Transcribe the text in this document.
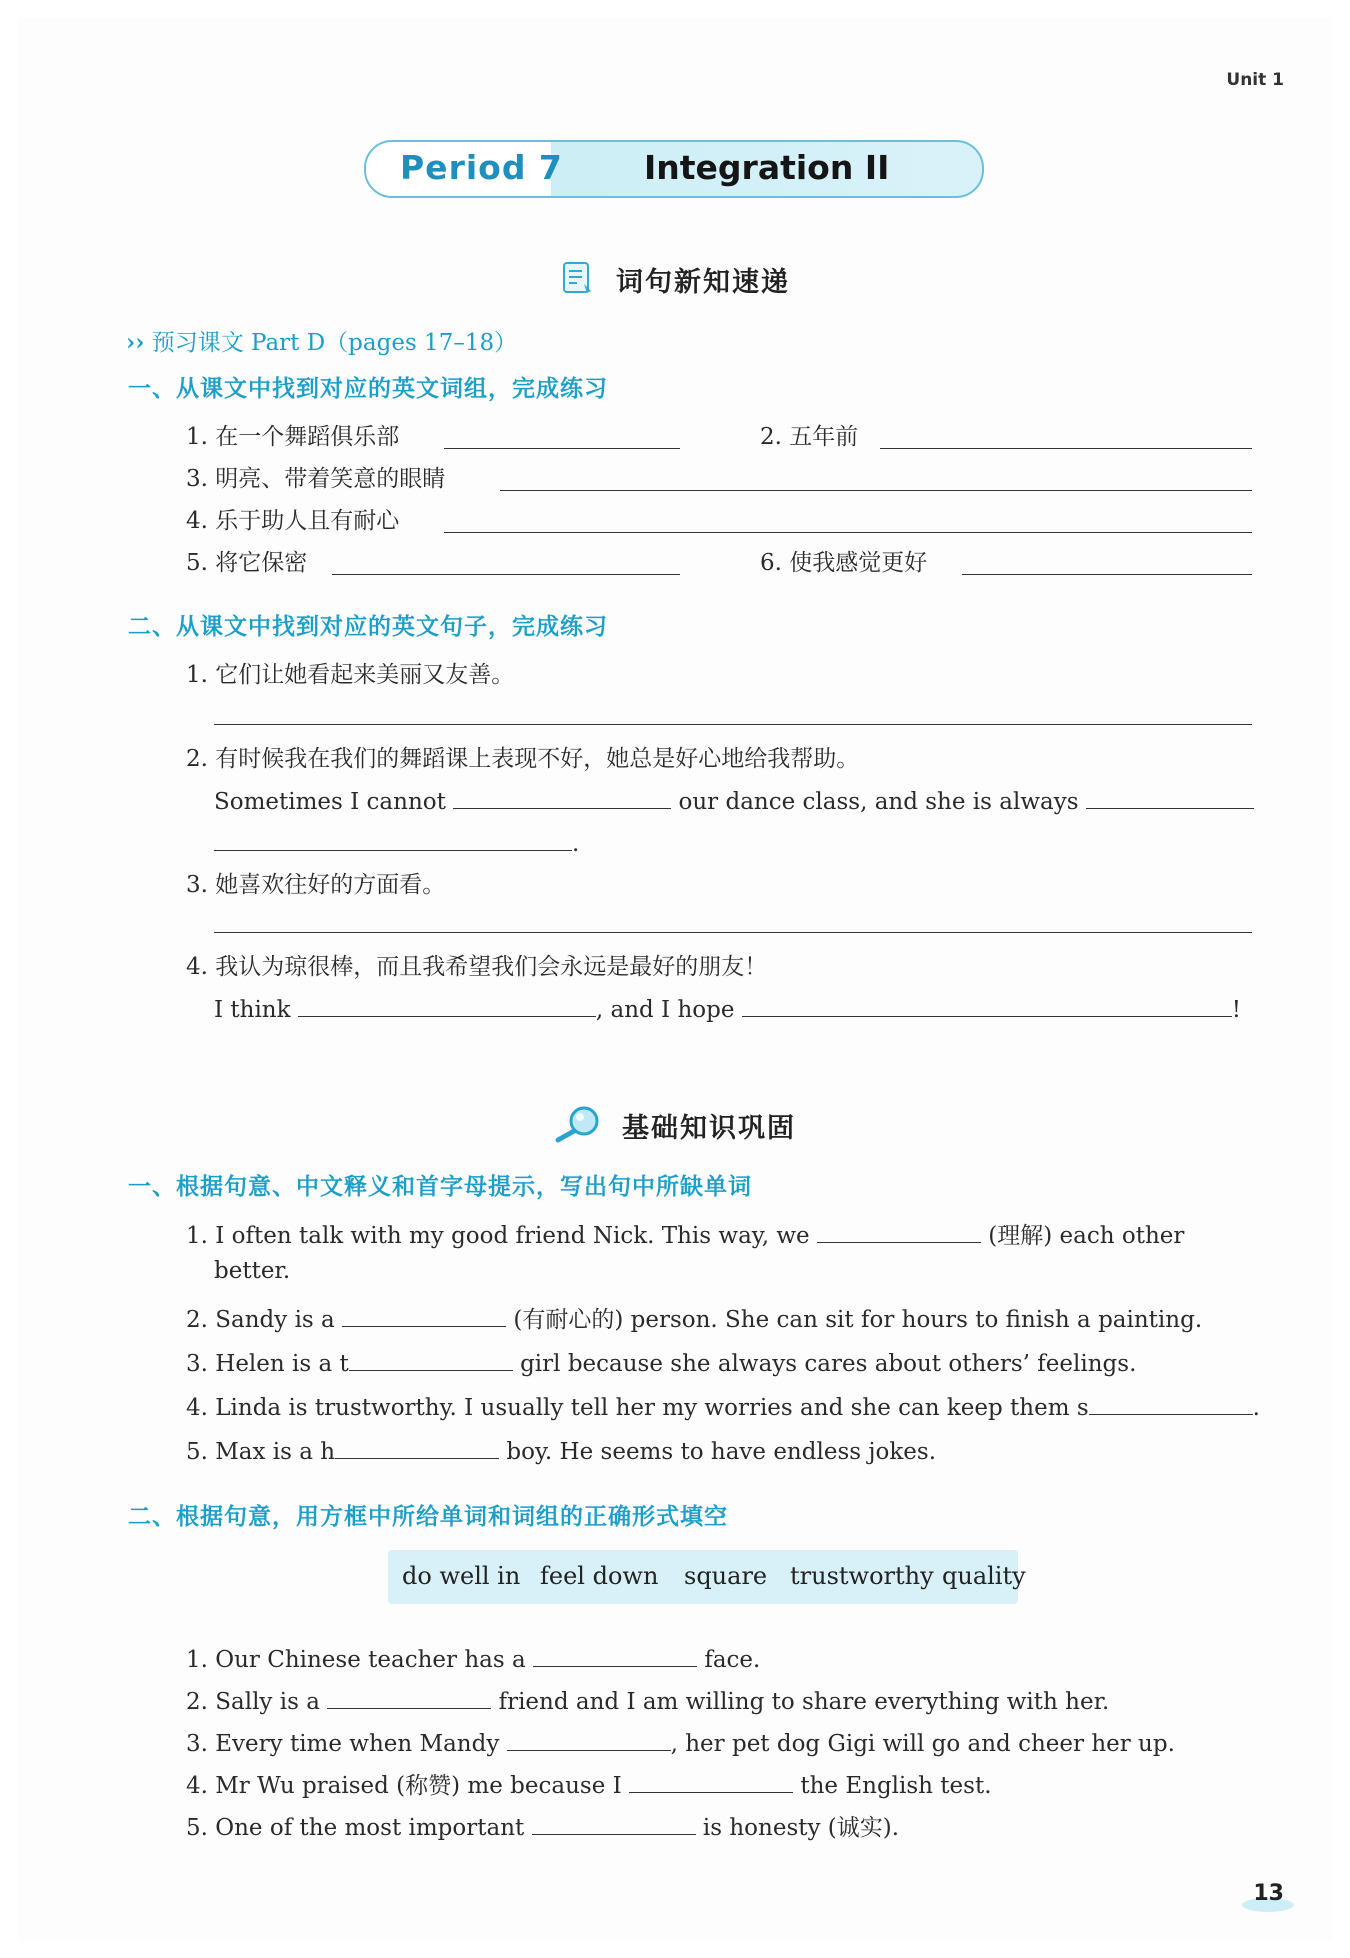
Unit 1
Period 7 Integration II
词句新知速递
›› 预习课文 Part D（pages 17–18）
一、从课文中找到对应的英文词组，完成练习
1. 在一个舞蹈俱乐部	2. 五年前
3. 明亮、带着笑意的眼睛
4. 乐于助人且有耐心
5. 将它保密	6. 使我感觉更好
二、从课文中找到对应的英文句子，完成练习
1. 它们让她看起来美丽又友善。
2. 有时候我在我们的舞蹈课上表现不好，她总是好心地给我帮助。
Sometimes I cannot	our dance class, and she is always
.
3. 她喜欢往好的方面看。
4. 我认为琼很棒，而且我希望我们会永远是最好的朋友！
I think	, and I hope	!
基础知识巩固
一、根据句意、中文释义和首字母提示，写出句中所缺单词
1. I often talk with my good friend Nick. This way, we	(理解) each other
better.
2. Sandy is a	(有耐心的) person. She can sit for hours to finish a painting.
3. Helen is a t	girl because she always cares about others’ feelings.
4. Linda is trustworthy. I usually tell her my worries and she can keep them s	.
5. Max is a h	boy. He seems to have endless jokes.
二、根据句意，用方框中所给单词和词组的正确形式填空
do well in feel down square trustworthy quality
1. Our Chinese teacher has a	face.
2. Sally is a	friend and I am willing to share everything with her.
3. Every time when Mandy	, her pet dog Gigi will go and cheer her up.
4. Mr Wu praised (称赞) me because I	the English test.
5. One of the most important	is honesty (诚实).
13
